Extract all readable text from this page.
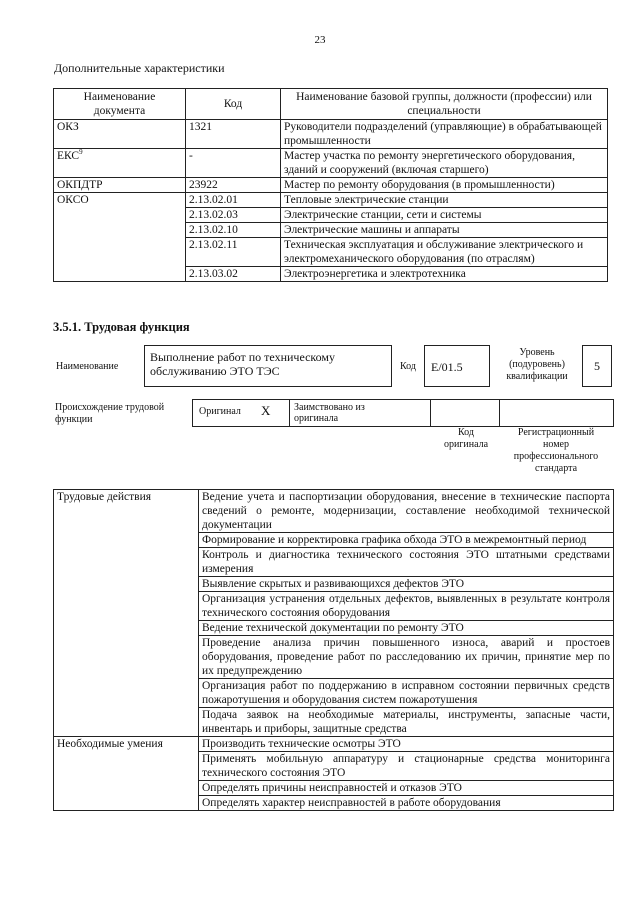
23
Дополнительные характеристики
Наименование документа	Код	Наименование базовой группы, должности (профессии) или специальности
ОКЗ	1321	Руководители подразделений (управляющие) в обрабатывающей промышленности
ЕКС$^9$	-	Мастер участка по ремонту энергетического оборудования, зданий и сооружений (включая старшего)
ОКПДТР	23922	Мастер по ремонту оборудования (в промышленности)
ОКСО	2.13.02.01	Тепловые электрические станции
	2.13.02.03	Электрические станции, сети и системы
	2.13.02.10	Электрические машины и аппараты
	2.13.02.11	Техническая эксплуатация и обслуживание электрического и электромеханического оборудования (по отраслям)
	2.13.03.02	Электроэнергетика и электротехника
3.5.1. Трудовая функция
Наименование
Выполнение работ по техническому обслуживанию ЭТО ТЭС	Код	E/01.5
Уровень (подуровень) квалификации
5
Происхождение трудовой функции
Оригинал X	Заимствовано из оригинала
Код оригинала
Регистрационный номер профессионального стандарта
Трудовые действия	Ведение учета и паспортизации оборудования, внесение в технические паспорта сведений о ремонте, модернизации, составление необходимой технической документации
	Формирование и корректировка графика обхода ЭТО в межремонтный период
	Контроль и диагностика технического состояния ЭТО штатными средствами измерения
	Выявление скрытых и развивающихся дефектов ЭТО
	Организация устранения отдельных дефектов, выявленных в результате контроля технического состояния оборудования
	Ведение технической документации по ремонту ЭТО
	Проведение анализа причин повышенного износа, аварий и простоев оборудования, проведение работ по расследованию их причин, принятие мер по их предупреждению
	Организация работ по поддержанию в исправном состоянии первичных средств пожаротушения и оборудования систем пожаротушения
	Подача заявок на необходимые материалы, инструменты, запасные части, инвентарь и приборы, защитные средства
Необходимые умения	Производить технические осмотры ЭТО
	Применять мобильную аппаратуру и стационарные средства мониторинга технического состояния ЭТО
	Определять причины неисправностей и отказов ЭТО
	Определять характер неисправностей в работе оборудования
